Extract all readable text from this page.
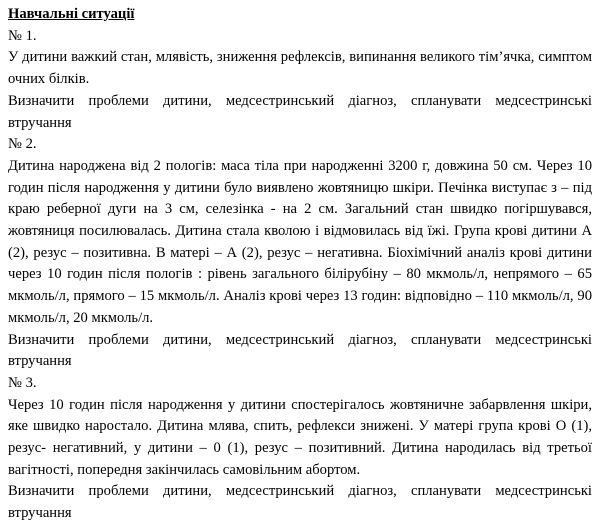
Навчальні ситуації

№ 1.

У дитини важкий стан, млявість, зниження рефлексів, випинання великого тім’ячка, симптом очних білків.

Визначити проблеми дитини, медсестринський діагноз, спланувати медсестринські втручання

№ 2.

Дитина народжена від 2 пологів: маса тіла при народженні 3200 г, довжина 50 см. Через 10 годин після народження у дитини було виявлено жовтяницю шкіри. Печінка виступає з – під краю реберної дуги на 3 см, селезінка - на 2 см. Загальний стан швидко погіршувався, жовтяниця посилювалась. Дитина стала кволою і відмовилась від їжі. Група крові дитини А (2), резус – позитивна. В матері – А (2), резус – негативна. Біохімічний аналіз крові дитини через 10 годин після пологів : рівень загального білірубіну – 80 мкмоль/л, непрямого – 65 мкмоль/л, прямого – 15 мкмоль/л. Аналіз крові через 13 годин: відповідно – 110 мкмоль/л, 90 мкмоль/л, 20 мкмоль/л.

Визначити проблеми дитини, медсестринський діагноз, спланувати медсестринські втручання

№ 3.

Через 10 годин після народження у дитини спостерігалось жовтяничне забарвлення шкіри, яке швидко наростало. Дитина млява, спить, рефлекси знижені. У матері група крові О (1), резус- негативний, у дитини – 0 (1), резус – позитивний. Дитина народилась від третьої вагітності, попередня закінчилась самовільним абортом.

Визначити проблеми дитини, медсестринський діагноз, спланувати медсестринські втручання
